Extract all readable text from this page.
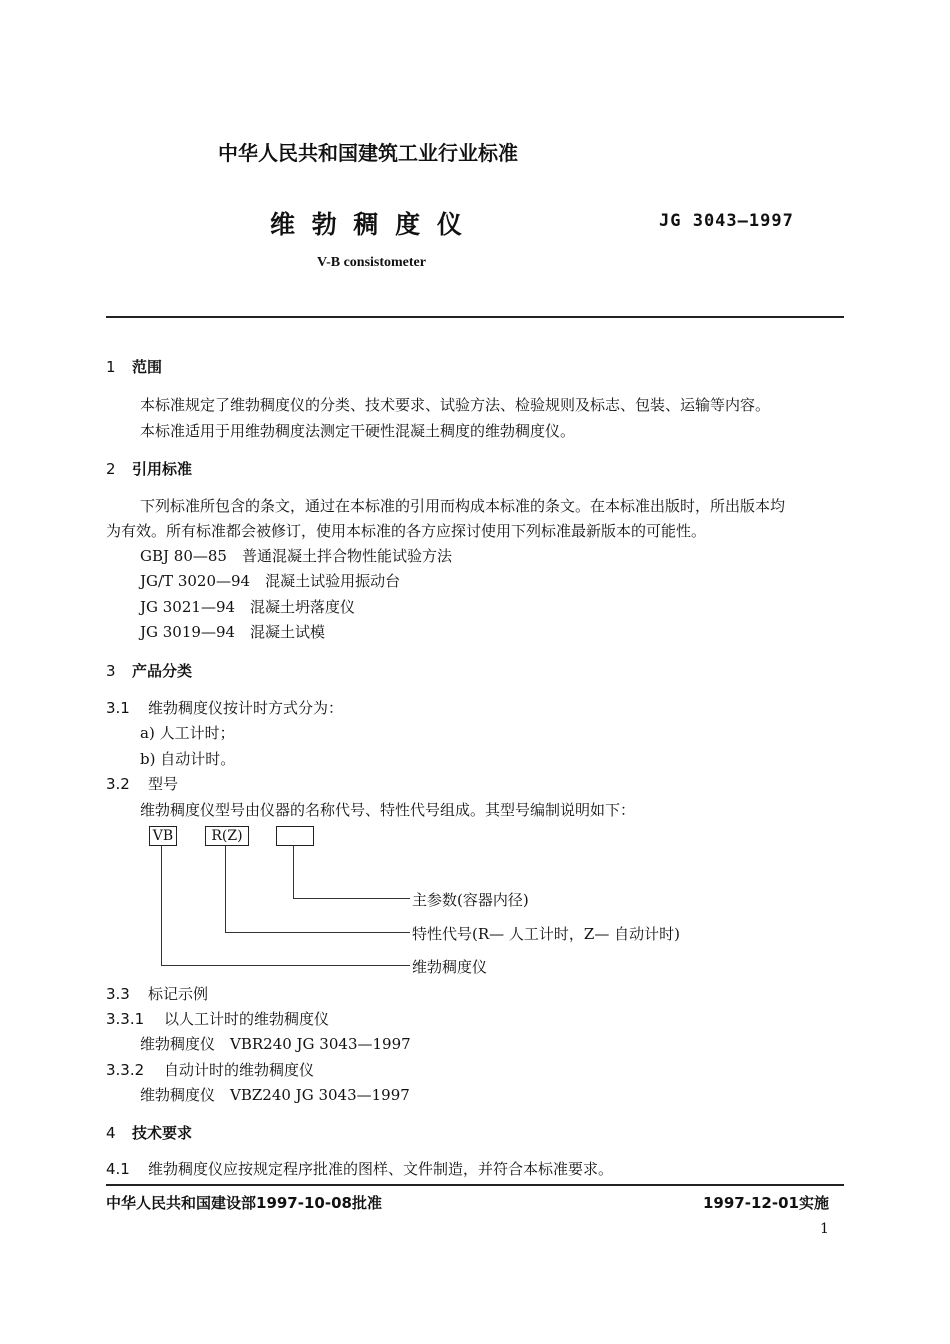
中华人民共和国建筑工业行业标准
维 勃 稠 度 仪	JG 3043—1997
V-B consistometer
1 范围
本标准规定了维勃稠度仪的分类、技术要求、试验方法、检验规则及标志、包装、运输等内容。
本标准适用于用维勃稠度法测定干硬性混凝土稠度的维勃稠度仪。
2 引用标准
下列标准所包含的条文，通过在本标准的引用而构成本标准的条文。在本标准出版时，所出版本均
为有效。所有标准都会被修订，使用本标准的各方应探讨使用下列标准最新版本的可能性。
GBJ 80—85　普通混凝土拌合物性能试验方法
JG/T 3020—94　混凝土试验用振动台
JG 3021—94　混凝土坍落度仪
JG 3019—94　混凝土试模
3 产品分类
3.1 维勃稠度仪按计时方式分为：
a) 人工计时；
b) 自动计时。
3.2 型号
维勃稠度仪型号由仪器的名称代号、特性代号组成。其型号编制说明如下：
VB	R(Z)
主参数(容器内径)
特性代号(R— 人工计时，Z— 自动计时)
维勃稠度仪
3.3 标记示例
3.3.1 以人工计时的维勃稠度仪
维勃稠度仪　VBR240 JG 3043—1997
3.3.2 自动计时的维勃稠度仪
维勃稠度仪　VBZ240 JG 3043—1997
4 技术要求
4.1 维勃稠度仪应按规定程序批准的图样、文件制造，并符合本标准要求。
中华人民共和国建设部1997-10-08批准	1997-12-01实施
1
